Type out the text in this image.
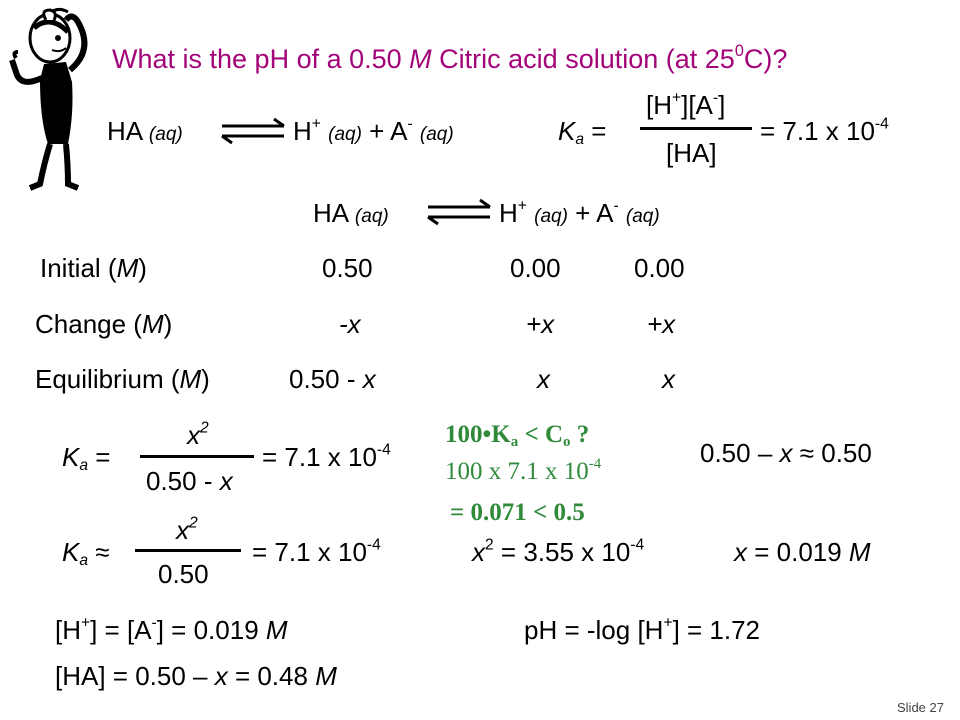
What is the pH of a 0.50 M Citric acid solution (at $25^0C$)?
HA (aq)	H+ (aq) + A- (aq)	$K_a$ =
[H+][A-]
[HA]
= 7.1 x $10^{-4}$
HA (aq)	H+ (aq) + A- (aq)
Initial (M)	0.50	0.00	0.00
Change (M)	-x	+x	+x
Equilibrium (M)	0.50 - x	x	x
$K_a$ =
$x^2$
0.50 - x
= 7.1 x $10^{-4}$
$100•K_a < C_o$ ?
100 x 7.1 x $10^{-4}$
= 0.071 < 0.5
0.50 – x ≈ 0.50
$K_a$ ≈
$x^2$
0.50
= 7.1 x $10^{-4}$	$x^2 = 3.55$ x $10^{-4}$	x = 0.019 M
[H+] = [A-] = 0.019 M	pH = -log [H+] = 1.72
[HA] = 0.50 – x = 0.48 M
Slide 27
